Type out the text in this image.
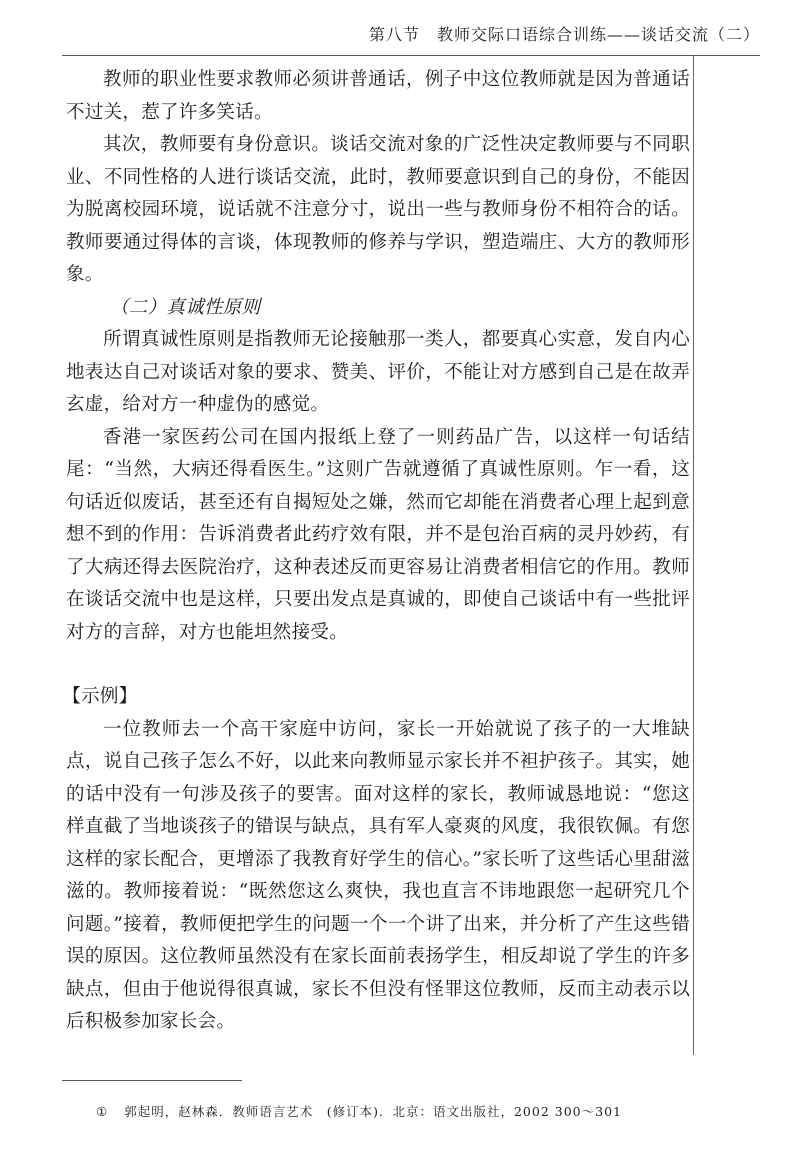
第八节　教师交际口语综合训练——谈话交流（二）

教师的职业性要求教师必须讲普通话，例子中这位教师就是因为普通话不过关，惹了许多笑话。

其次，教师要有身份意识。谈话交流对象的广泛性决定教师要与不同职业、不同性格的人进行谈话交流，此时，教师要意识到自己的身份，不能因为脱离校园环境，说话就不注意分寸，说出一些与教师身份不相符合的话。教师要通过得体的言谈，体现教师的修养与学识，塑造端庄、大方的教师形象。

（二）真诚性原则

所谓真诚性原则是指教师无论接触那一类人，都要真心实意，发自内心地表达自己对谈话对象的要求、赞美、评价，不能让对方感到自己是在故弄玄虚，给对方一种虚伪的感觉。

香港一家医药公司在国内报纸上登了一则药品广告，以这样一句话结尾：“当然，大病还得看医生。”这则广告就遵循了真诚性原则。乍一看，这句话近似废话，甚至还有自揭短处之嫌，然而它却能在消费者心理上起到意想不到的作用：告诉消费者此药疗效有限，并不是包治百病的灵丹妙药，有了大病还得去医院治疗，这种表述反而更容易让消费者相信它的作用。教师在谈话交流中也是这样，只要出发点是真诚的，即使自己谈话中有一些批评对方的言辞，对方也能坦然接受。

【示例】

一位教师去一个高干家庭中访问，家长一开始就说了孩子的一大堆缺点，说自己孩子怎么不好，以此来向教师显示家长并不袒护孩子。其实，她的话中没有一句涉及孩子的要害。面对这样的家长，教师诚恳地说：“您这样直截了当地谈孩子的错误与缺点，具有军人豪爽的风度，我很钦佩。有您这样的家长配合，更增添了我教育好学生的信心。”家长听了这些话心里甜滋滋的。教师接着说：“既然您这么爽快，我也直言不讳地跟您一起研究几个问题。”接着，教师便把学生的问题一个一个讲了出来，并分析了产生这些错误的原因。这位教师虽然没有在家长面前表扬学生，相反却说了学生的许多缺点，但由于他说得很真诚，家长不但没有怪罪这位教师，反而主动表示以后积极参加家长会。

① 郭起明，赵林森．教师语言艺术　(修订本)．北京：语文出版社，2002 300～301
